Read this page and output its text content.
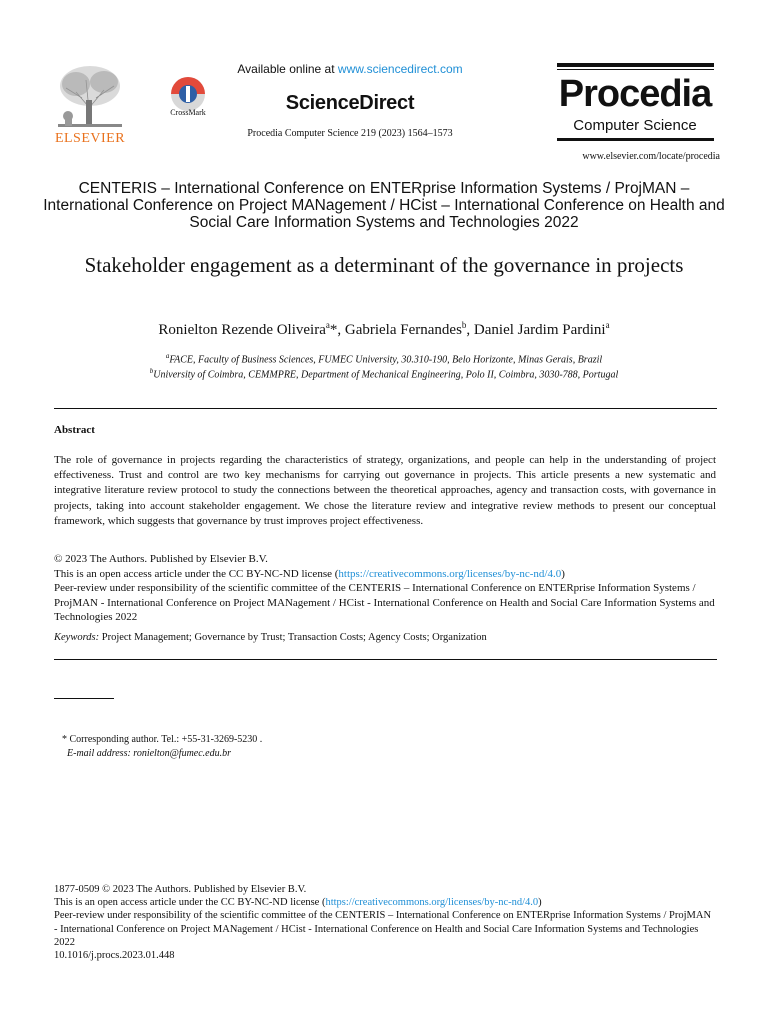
ELSEVIER
CrossMark
Available online at www.sciencedirect.com
ScienceDirect
Procedia Computer Science 219 (2023) 1564–1573
Procedia
Computer Science
www.elsevier.com/locate/procedia
CENTERIS – International Conference on ENTERprise Information Systems / ProjMAN – International Conference on Project MANagement / HCist – International Conference on Health and Social Care Information Systems and Technologies 2022
Stakeholder engagement as a determinant of the governance in projects
Ronielton Rezende Oliveira$^a$*, Gabriela Fernandes$^b$, Daniel Jardim Pardini$^a$
$^a$FACE, Faculty of Business Sciences, FUMEC University, 30.310-190, Belo Horizonte, Minas Gerais, Brazil
$^b$University of Coimbra, CEMMPRE, Department of Mechanical Engineering, Polo II, Coimbra, 3030-788, Portugal
Abstract
The role of governance in projects regarding the characteristics of strategy, organizations, and people can help in the understanding of project effectiveness. Trust and control are two key mechanisms for carrying out governance in projects. This article presents a new systematic and integrative literature review protocol to study the connections between the theoretical approaches, agency and transaction costs, with governance in projects, taking into account stakeholder engagement. We chose the literature review and integrative review methods to present our conceptual framework, which suggests that governance by trust improves project effectiveness.
© 2023 The Authors. Published by Elsevier B.V.
This is an open access article under the CC BY-NC-ND license (https://creativecommons.org/licenses/by-nc-nd/4.0)
Peer-review under responsibility of the scientific committee of the CENTERIS – International Conference on ENTERprise Information Systems / ProjMAN - International Conference on Project MANagement / HCist - International Conference on Health and Social Care Information Systems and Technologies 2022
Keywords: Project Management; Governance by Trust; Transaction Costs; Agency Costs; Organization
* Corresponding author. Tel.: +55-31-3269-5230 .
E-mail address: ronielton@fumec.edu.br
1877-0509 © 2023 The Authors. Published by Elsevier B.V.
This is an open access article under the CC BY-NC-ND license (https://creativecommons.org/licenses/by-nc-nd/4.0)
Peer-review under responsibility of the scientific committee of the CENTERIS – International Conference on ENTERprise Information Systems / ProjMAN - International Conference on Project MANagement / HCist - International Conference on Health and Social Care Information Systems and Technologies 2022
10.1016/j.procs.2023.01.448
